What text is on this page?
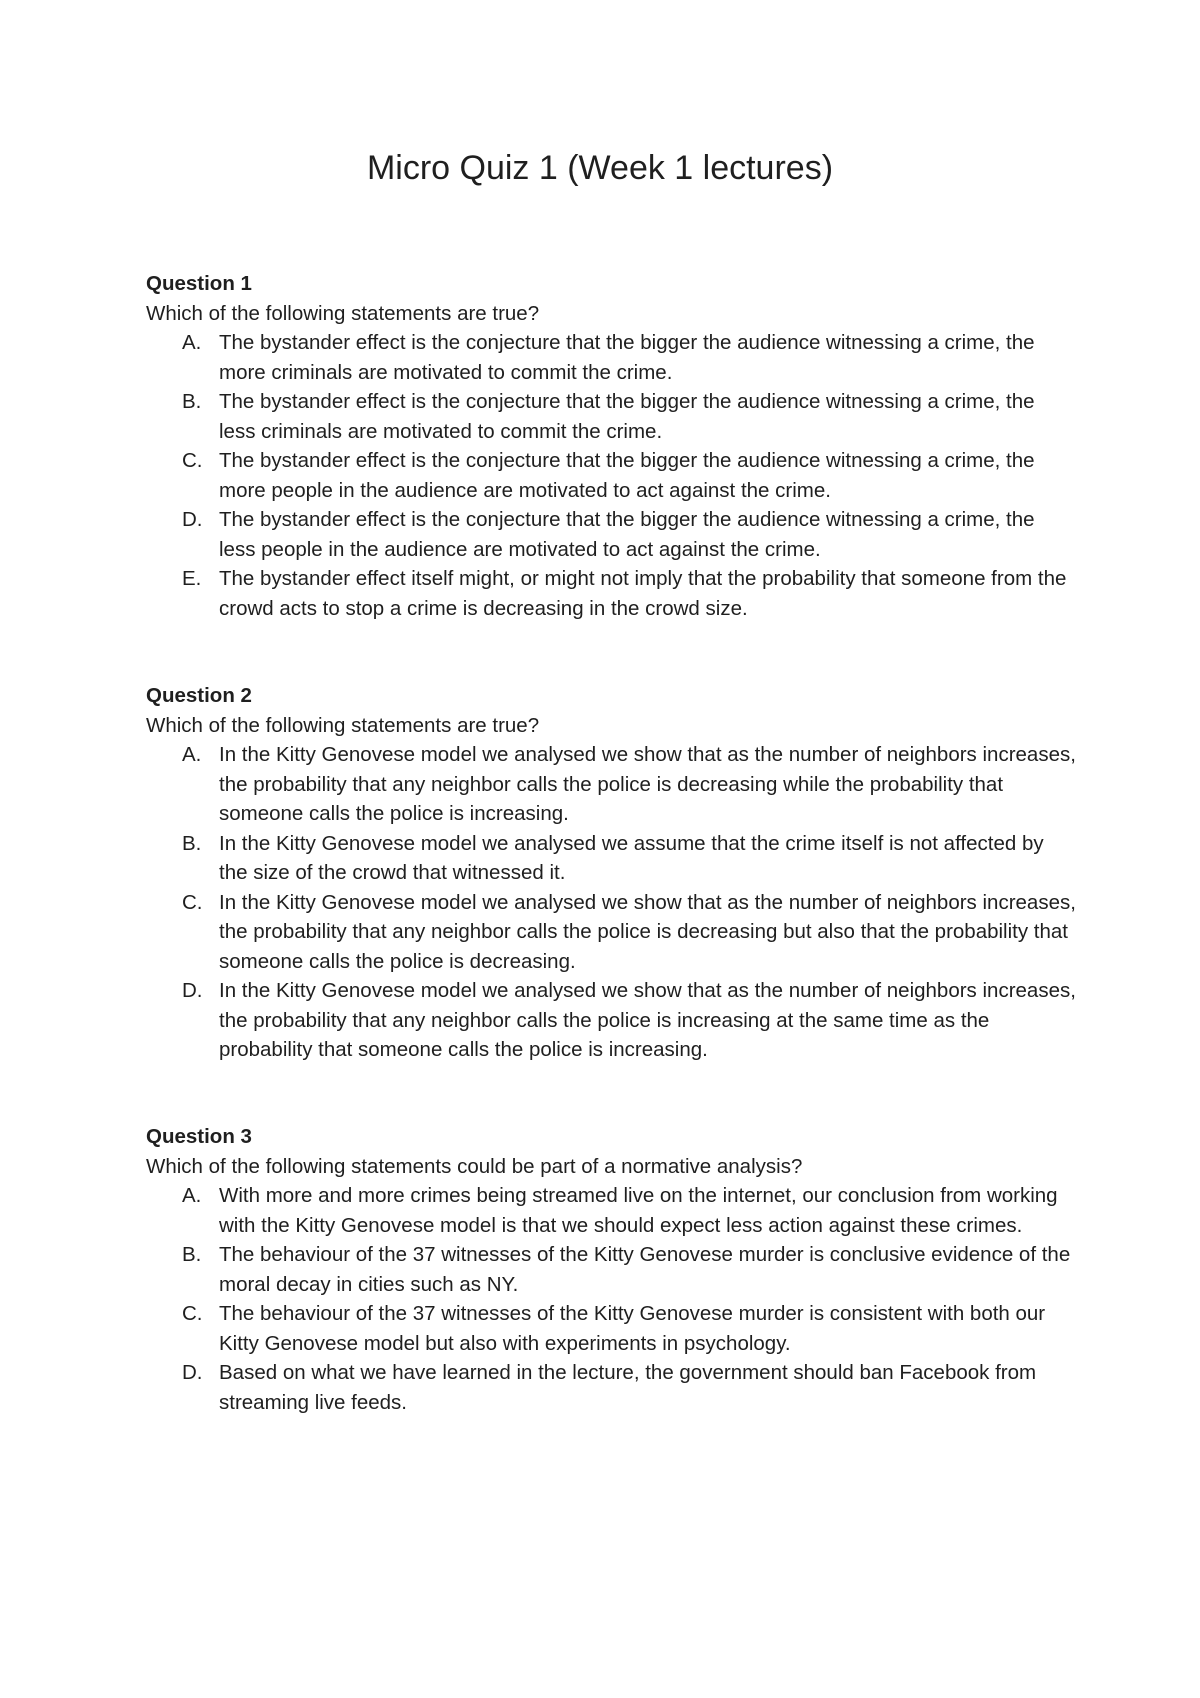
Micro Quiz 1 (Week 1 lectures)

Question 1

Which of the following statements are true?

A. The bystander effect is the conjecture that the bigger the audience witnessing a crime, the more criminals are motivated to commit the crime.
B. The bystander effect is the conjecture that the bigger the audience witnessing a crime, the less criminals are motivated to commit the crime.
C. The bystander effect is the conjecture that the bigger the audience witnessing a crime, the more people in the audience are motivated to act against the crime.
D. The bystander effect is the conjecture that the bigger the audience witnessing a crime, the less people in the audience are motivated to act against the crime.
E. The bystander effect itself might, or might not imply that the probability that someone from the crowd acts to stop a crime is decreasing in the crowd size.

Question 2

Which of the following statements are true?

A. In the Kitty Genovese model we analysed we show that as the number of neighbors increases, the probability that any neighbor calls the police is decreasing while the probability that someone calls the police is increasing.
B. In the Kitty Genovese model we analysed we assume that the crime itself is not affected by the size of the crowd that witnessed it.
C. In the Kitty Genovese model we analysed we show that as the number of neighbors increases, the probability that any neighbor calls the police is decreasing but also that the probability that someone calls the police is decreasing.
D. In the Kitty Genovese model we analysed we show that as the number of neighbors increases, the probability that any neighbor calls the police is increasing at the same time as the probability that someone calls the police is increasing.

Question 3

Which of the following statements could be part of a normative analysis?

A. With more and more crimes being streamed live on the internet, our conclusion from working with the Kitty Genovese model is that we should expect less action against these crimes.
B. The behaviour of the 37 witnesses of the Kitty Genovese murder is conclusive evidence of the moral decay in cities such as NY.
C. The behaviour of the 37 witnesses of the Kitty Genovese murder is consistent with both our Kitty Genovese model but also with experiments in psychology.
D. Based on what we have learned in the lecture, the government should ban Facebook from streaming live feeds.
